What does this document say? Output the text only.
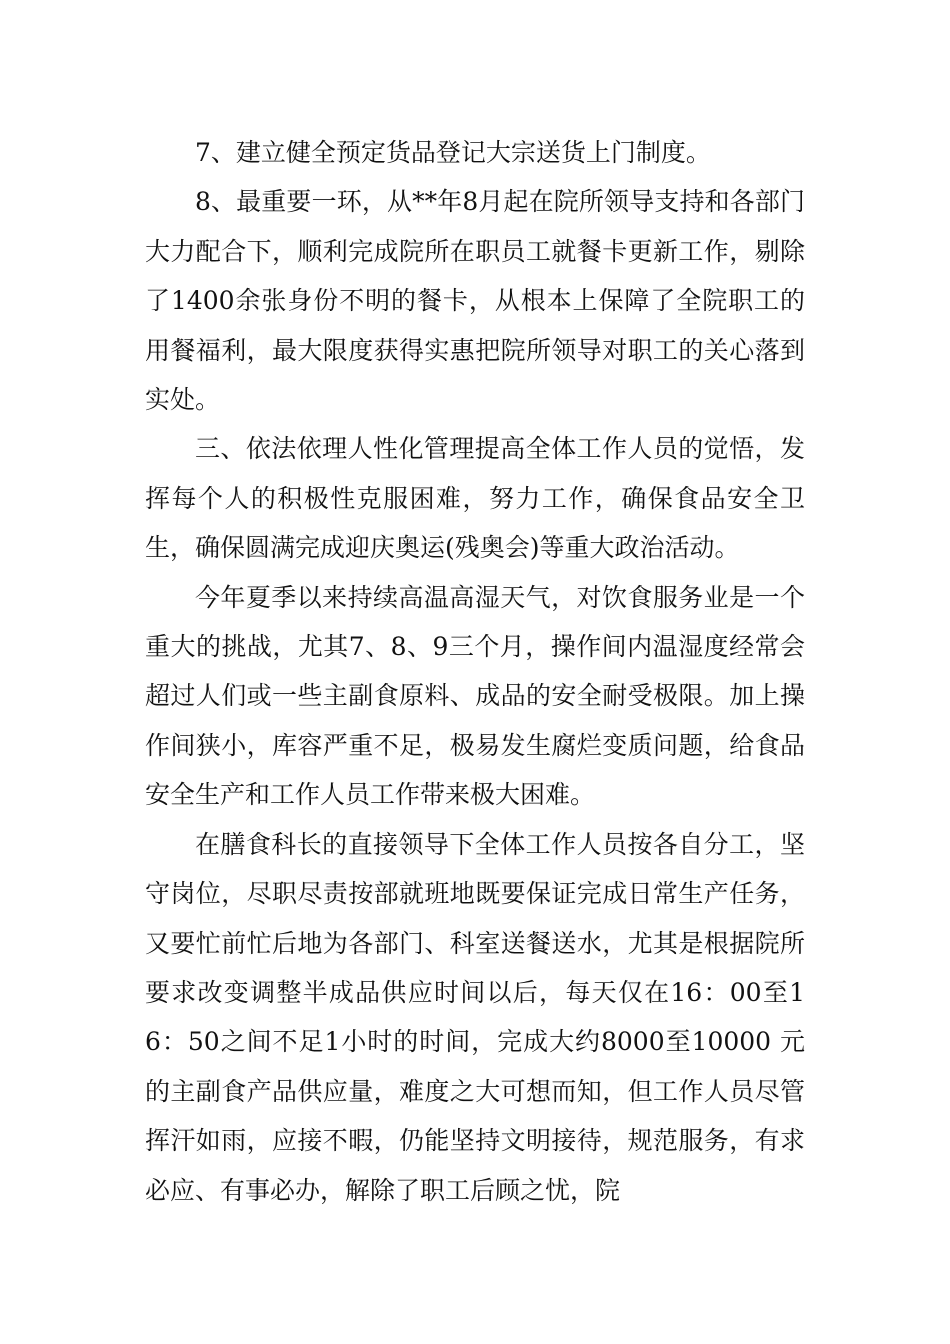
7、建立健全预定货品登记大宗送货上门制度。

8、最重要一环，从**年8月起在院所领导支持和各部门大力配合下，顺利完成院所在职员工就餐卡更新工作，剔除了1400余张身份不明的餐卡，从根本上保障了全院职工的用餐福利，最大限度获得实惠把院所领导对职工的关心落到实处。

三、依法依理人性化管理提高全体工作人员的觉悟，发挥每个人的积极性克服困难，努力工作，确保食品安全卫生，确保圆满完成迎庆奥运(残奥会)等重大政治活动。

今年夏季以来持续高温高湿天气，对饮食服务业是一个重大的挑战，尤其7、8、9三个月，操作间内温湿度经常会超过人们或一些主副食原料、成品的安全耐受极限。加上操作间狭小，库容严重不足，极易发生腐烂变质问题，给食品安全生产和工作人员工作带来极大困难。

在膳食科长的直接领导下全体工作人员按各自分工，坚守岗位，尽职尽责按部就班地既要保证完成日常生产任务，又要忙前忙后地为各部门、科室送餐送水，尤其是根据院所要求改变调整半成品供应时间以后，每天仅在16：00至16：50之间不足1小时的时间，完成大约8000至10000 元的主副食产品供应量，难度之大可想而知，但工作人员尽管挥汗如雨，应接不暇，仍能坚持文明接待，规范服务，有求必应、有事必办，解除了职工后顾之忧，院
